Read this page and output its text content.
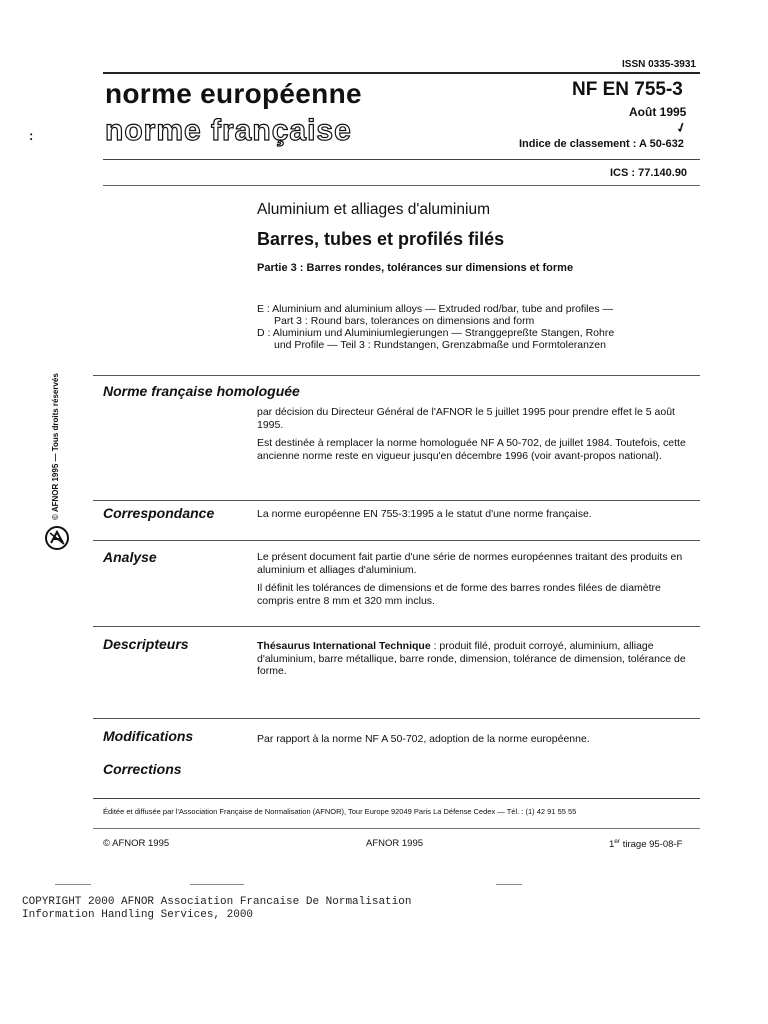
ISSN 0335-3931
norme européenne
norme française
NF EN 755-3
Août 1995
✓
Indice de classement : A 50-632
:
ICS : 77.140.90
Aluminium et alliages d'aluminium
Barres, tubes et profilés filés
Partie 3 : Barres rondes, tolérances sur dimensions et forme
E : Aluminium and aluminium alloys — Extruded rod/bar, tube and profiles —
Part 3 : Round bars, tolerances on dimensions and form
D : Aluminium und Aluminiumlegierungen — Stranggepreßte Stangen, Rohre
und Profile — Teil 3 : Rundstangen, Grenzabmaße und Formtoleranzen
© AFNOR 1995 — Tous droits réservés	Norme française homologuée

par décision du Directeur Général de l'AFNOR le 5 juillet 1995 pour prendre effet le 5 août 1995.

Est destinée à remplacer la norme homologuée NF A 50-702, de juillet 1984. Toutefois, cette ancienne norme reste en vigueur jusqu'en décembre 1996 (voir avant-propos national).

Correspondance	La norme européenne EN 755-3:1995 a le statut d'une norme française.

Analyse	Le présent document fait partie d'une série de normes européennes traitant des produits en aluminium et alliages d'aluminium.

Il définit les tolérances de dimensions et de forme des barres rondes filées de diamètre compris entre 8 mm et 320 mm inclus.

Descripteurs	Thésaurus International Technique : produit filé, produit corroyé, aluminium, alliage d'aluminium, barre métallique, barre ronde, dimension, tolérance de dimension, tolérance de forme.

Modifications	Par rapport à la norme NF A 50-702, adoption de la norme européenne.

Corrections
Éditée et diffusée par l'Association Française de Normalisation (AFNOR), Tour Europe 92049 Paris La Défense Cedex — Tél. : (1) 42 91 55 55
© AFNOR 1995	AFNOR 1995	1er tirage 95-08-F
COPYRIGHT 2000 AFNOR Association Francaise De Normalisation
Information Handling Services, 2000
